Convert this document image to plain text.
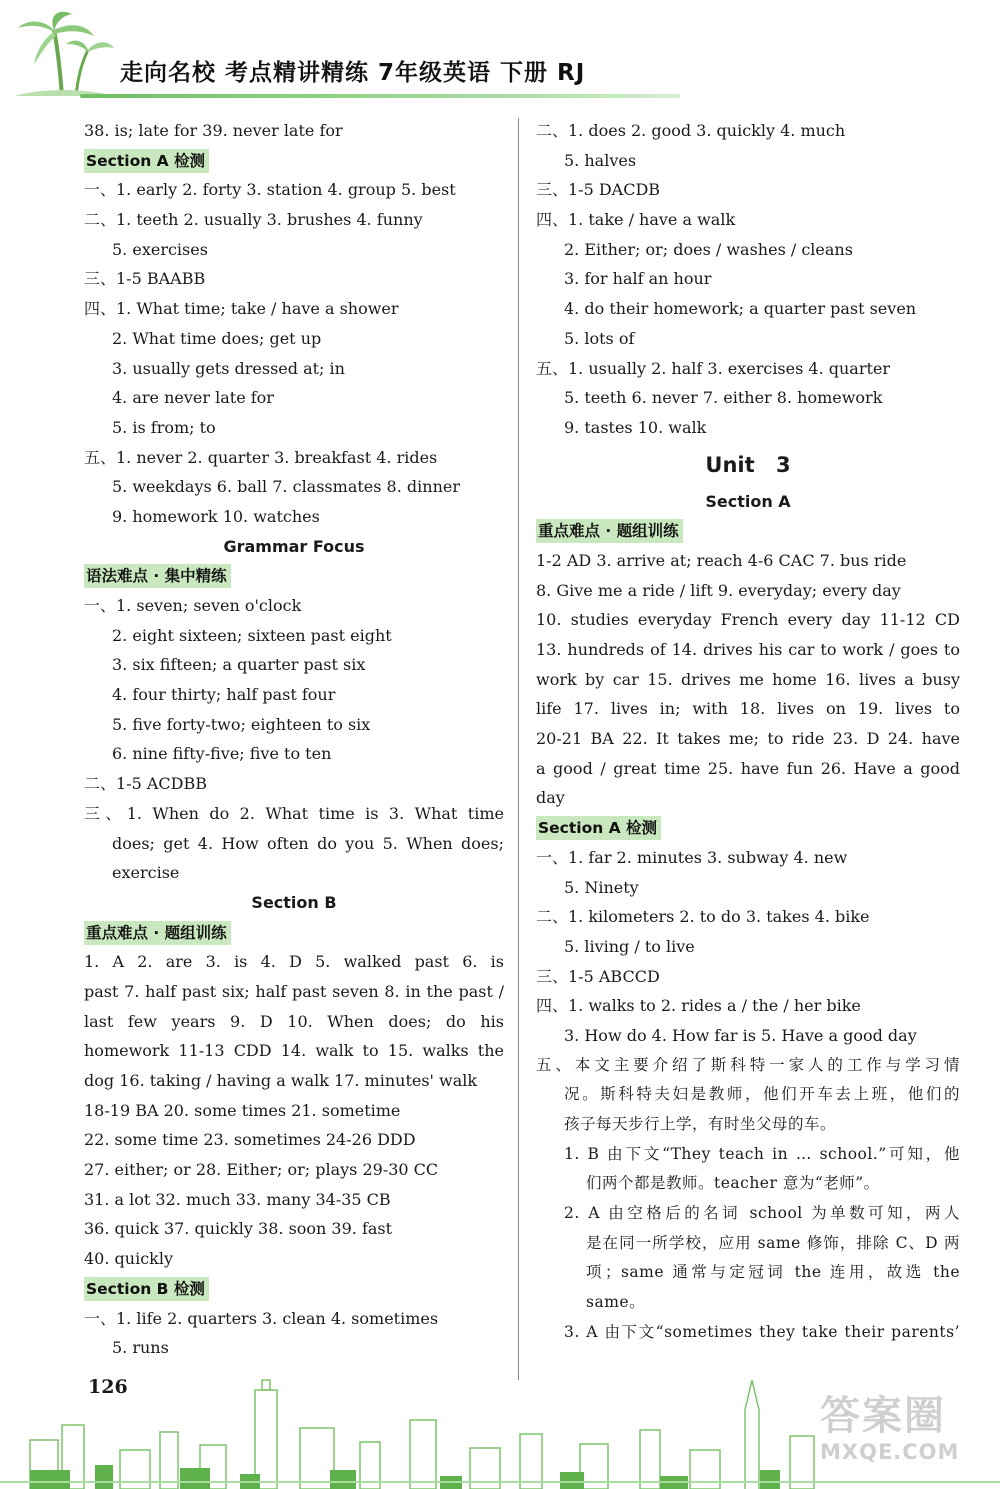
走向名校 考点精讲精练 7年级英语 下册 RJ
38. is; late for 39. never late for
Section A 检测
一、1. early 2. forty 3. station 4. group 5. best
二、1. teeth 2. usually 3. brushes 4. funny
5. exercises
三、1-5 BAABB
四、1. What time; take / have a shower
2. What time does; get up
3. usually gets dressed at; in
4. are never late for
5. is from; to
五、1. never 2. quarter 3. breakfast 4. rides
5. weekdays 6. ball 7. classmates 8. dinner
9. homework 10. watches
Grammar Focus
语法难点 · 集中精练
一、1. seven; seven o'clock
2. eight sixteen; sixteen past eight
3. six fifteen; a quarter past six
4. four thirty; half past four
5. five forty-two; eighteen to six
6. nine fifty-five; five to ten
二、1-5 ACDBB
三、1. When do 2. What time is 3. What time
does; get 4. How often do you 5. When does;
exercise
Section B
重点难点 · 题组训练
1. A 2. are 3. is 4. D 5. walked past 6. is
past 7. half past six; half past seven 8. in the past /
last few years 9. D 10. When does; do his
homework 11-13 CDD 14. walk to 15. walks the
dog 16. taking / having a walk 17. minutes' walk
18-19 BA 20. some times 21. sometime
22. some time 23. sometimes 24-26 DDD
27. either; or 28. Either; or; plays 29-30 CC
31. a lot 32. much 33. many 34-35 CB
36. quick 37. quickly 38. soon 39. fast
40. quickly
Section B 检测
一、1. life 2. quarters 3. clean 4. sometimes
5. runs
二、1. does 2. good 3. quickly 4. much
5. halves
三、1-5 DACDB
四、1. take / have a walk
2. Either; or; does / washes / cleans
3. for half an hour
4. do their homework; a quarter past seven
5. lots of
五、1. usually 2. half 3. exercises 4. quarter
5. teeth 6. never 7. either 8. homework
9. tastes 10. walk
Unit 3
Section A
重点难点 · 题组训练
1-2 AD 3. arrive at; reach 4-6 CAC 7. bus ride
8. Give me a ride / lift 9. everyday; every day
10. studies everyday French every day 11-12 CD
13. hundreds of 14. drives his car to work / goes to
work by car 15. drives me home 16. lives a busy
life 17. lives in; with 18. lives on 19. lives to
20-21 BA 22. It takes me; to ride 23. D 24. have
a good / great time 25. have fun 26. Have a good
day
Section A 检测
一、1. far 2. minutes 3. subway 4. new
5. Ninety
二、1. kilometers 2. to do 3. takes 4. bike
5. living / to live
三、1-5 ABCCD
四、1. walks to 2. rides a / the / her bike
3. How do 4. How far is 5. Have a good day
五、本文主要介绍了斯科特一家人的工作与学习情
况。斯科特夫妇是教师，他们开车去上班，他们的
孩子每天步行上学，有时坐父母的车。
1. B 由下文“They teach in … school.”可知，他
们两个都是教师。teacher 意为“老师”。
2. A 由空格后的名词 school 为单数可知，两人
是在同一所学校，应用 same 修饰，排除 C、D 两
项；same 通常与定冠词 the 连用，故选 the
same。
3. A 由下文“sometimes they take their parents’
126
答案圈
MXQE.COM
